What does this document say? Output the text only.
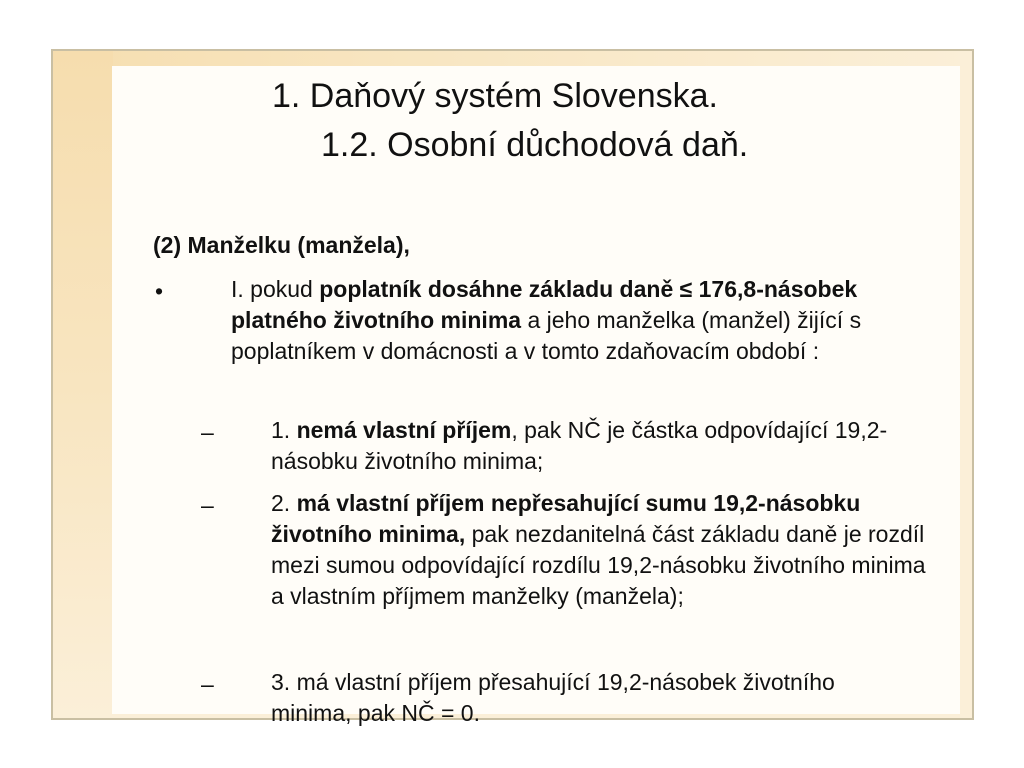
1. Daňový systém Slovenska.
1.2. Osobní důchodová daň.
(2) Manželku (manžela),
•	I. pokud poplatník dosáhne základu daně ≤ 176,8-násobek platného životního minima a jeho manželka (manžel) žijící s poplatníkem v domácnosti a v tomto zdaňovacím období :
– 1. nemá vlastní příjem, pak NČ je částka odpovídající 19,2-násobku životního minima;
– 2. má vlastní příjem nepřesahující sumu 19,2-násobku životního minima, pak nezdanitelná část základu daně je rozdíl mezi sumou odpovídající rozdílu 19,2-násobku životního minima a vlastním příjmem manželky (manžela);
– 3. má vlastní příjem přesahující 19,2-násobek životního minima, pak NČ = 0.
